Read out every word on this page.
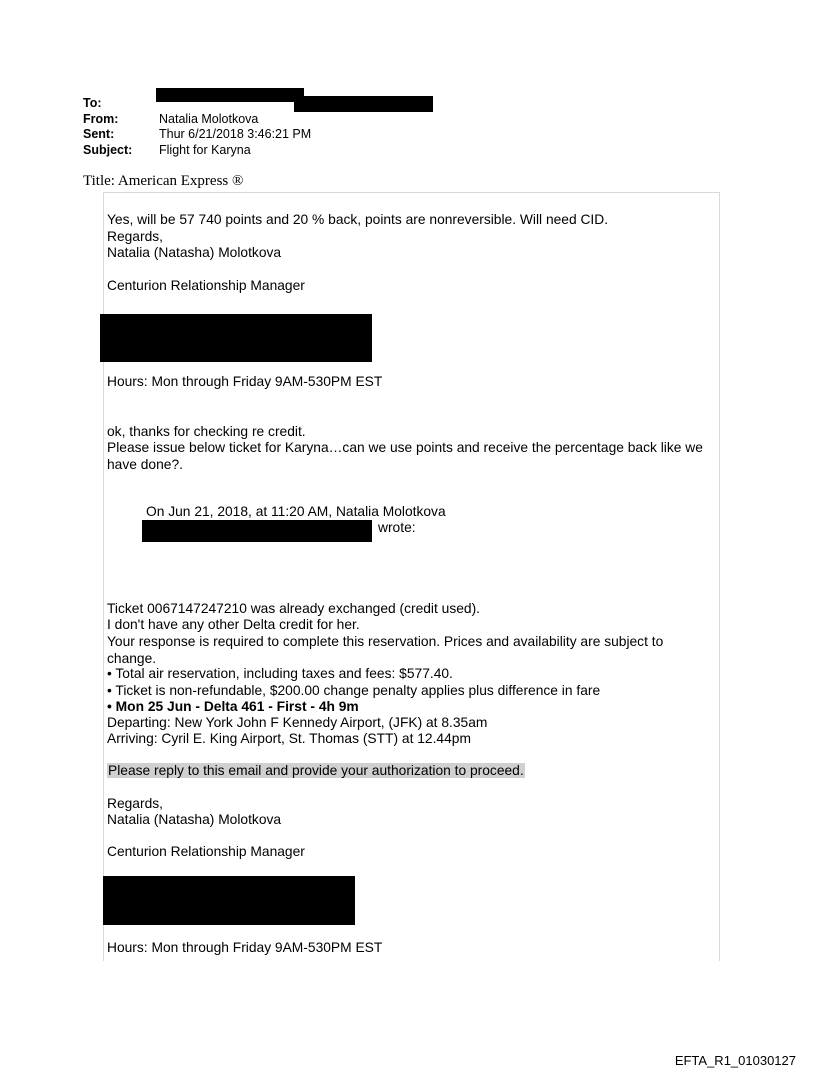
To:
From:	Natalia Molotkova
Sent:	Thur 6/21/2018 3:46:21 PM
Subject:	Flight for Karyna
Title: American Express ®
Yes, will be 57 740 points and 20 % back, points are nonreversible. Will need CID.
Regards,
Natalia (Natasha) Molotkova
Centurion Relationship Manager
Hours: Mon through Friday 9AM-530PM EST
ok, thanks for checking re credit.
Please issue below ticket for Karyna…can we use points and receive the percentage back like we have done?.
On Jun 21, 2018, at 11:20 AM, Natalia Molotkova
wrote:
Ticket 0067147247210 was already exchanged (credit used).
I don't have any other Delta credit for her.
Your response is required to complete this reservation. Prices and availability are subject to change.
• Total air reservation, including taxes and fees: $577.40.
• Ticket is non-refundable, $200.00 change penalty applies plus difference in fare
• Mon 25 Jun - Delta 461 - First - 4h 9m
Departing: New York John F Kennedy Airport, (JFK) at 8.35am
Arriving: Cyril E. King Airport, St. Thomas (STT) at 12.44pm
Please reply to this email and provide your authorization to proceed.
Regards,
Natalia (Natasha) Molotkova
Centurion Relationship Manager
Hours: Mon through Friday 9AM-530PM EST
EFTA_R1_01030127
